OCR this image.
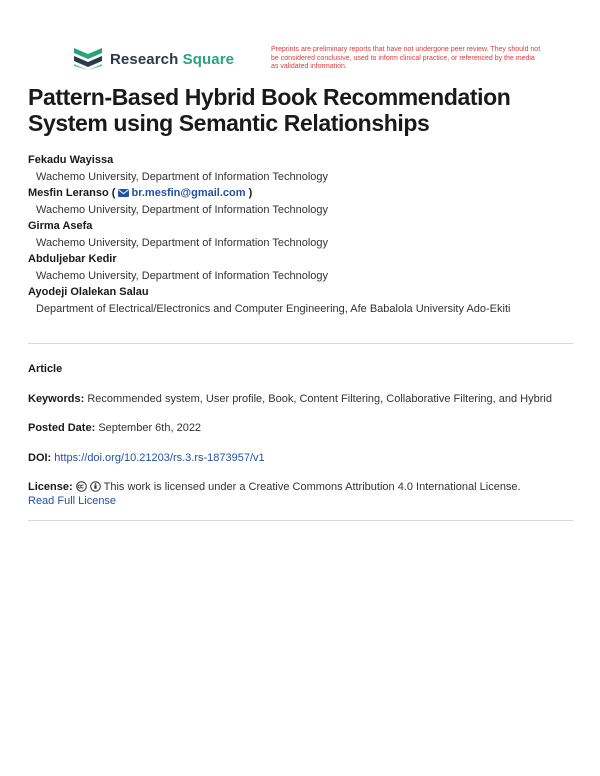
Research Square
Preprints are preliminary reports that have not undergone peer review. They should not be considered conclusive, used to inform clinical practice, or referenced by the media as validated information.
Pattern-Based Hybrid Book Recommendation System using Semantic Relationships
Fekadu Wayissa
Wachemo University, Department of Information Technology
Mesfin Leranso ( br.mesfin@gmail.com )
Wachemo University, Department of Information Technology
Girma Asefa
Wachemo University, Department of Information Technology
Abduljebar Kedir
Wachemo University, Department of Information Technology
Ayodeji Olalekan Salau
Department of Electrical/Electronics and Computer Engineering, Afe Babalola University Ado-Ekiti
Article
Keywords: Recommended system, User profile, Book, Content Filtering, Collaborative Filtering, and Hybrid
Posted Date: September 6th, 2022
DOI: https://doi.org/10.21203/rs.3.rs-1873957/v1
License:	This work is licensed under a Creative Commons Attribution 4.0 International License.
Read Full License
